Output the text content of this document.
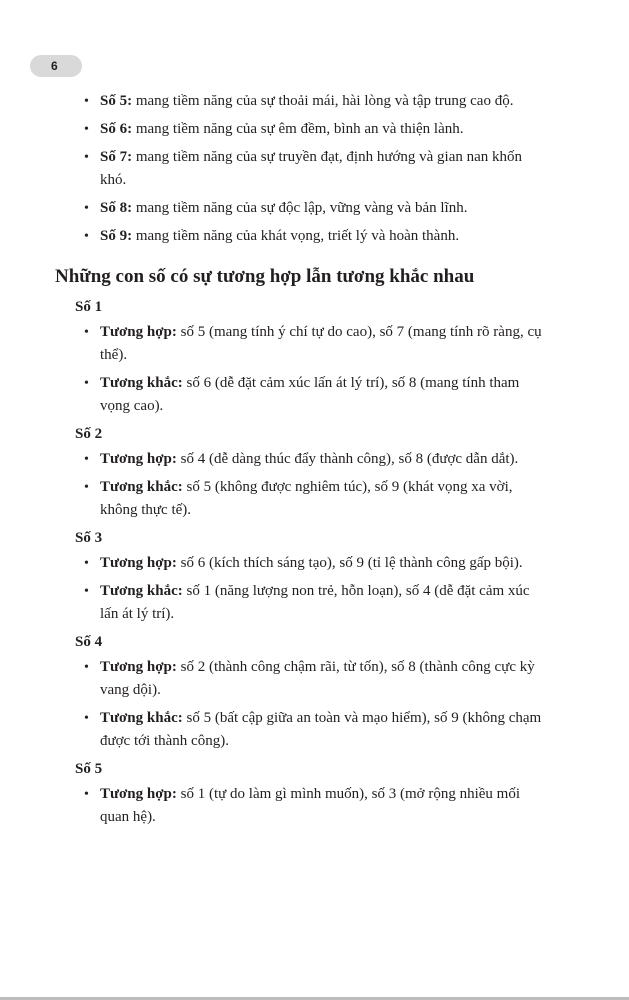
6
• Số 5: mang tiềm năng của sự thoải mái, hài lòng và tập trung cao độ.
• Số 6: mang tiềm năng của sự êm đềm, bình an và thiện lành.
• Số 7: mang tiềm năng của sự truyền đạt, định hướng và gian nan khốn khó.
• Số 8: mang tiềm năng của sự độc lập, vững vàng và bản lĩnh.
• Số 9: mang tiềm năng của khát vọng, triết lý và hoàn thành.
Những con số có sự tương hợp lẫn tương khắc nhau
Số 1
• Tương hợp: số 5 (mang tính ý chí tự do cao), số 7 (mang tính rõ ràng, cụ thể).
• Tương khắc: số 6 (dễ đặt cảm xúc lấn át lý trí), số 8 (mang tính tham vọng cao).
Số 2
• Tương hợp: số 4 (dễ dàng thúc đẩy thành công), số 8 (được dẫn dắt).
• Tương khắc: số 5 (không được nghiêm túc), số 9 (khát vọng xa vời, không thực tế).
Số 3
• Tương hợp: số 6 (kích thích sáng tạo), số 9 (tỉ lệ thành công gấp bội).
• Tương khắc: số 1 (năng lượng non trẻ, hỗn loạn), số 4 (dễ đặt cảm xúc lấn át lý trí).
Số 4
• Tương hợp: số 2 (thành công chậm rãi, từ tốn), số 8 (thành công cực kỳ vang dội).
• Tương khắc: số 5 (bất cập giữa an toàn và mạo hiểm), số 9 (không chạm được tới thành công).
Số 5
• Tương hợp: số 1 (tự do làm gì mình muốn), số 3 (mở rộng nhiều mối quan hệ).
